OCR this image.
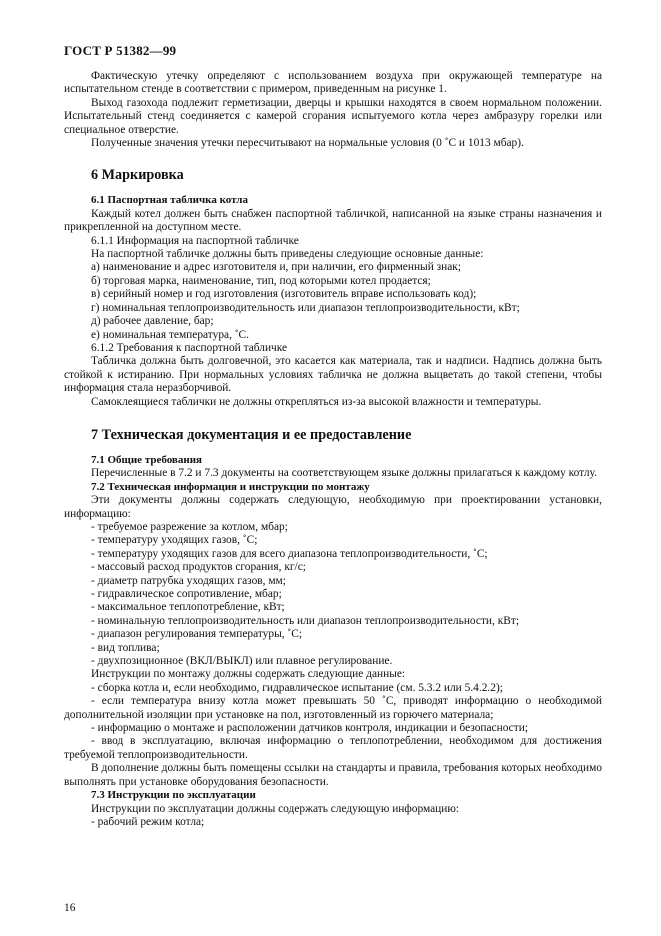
ГОСТ Р 51382—99

Фактическую утечку определяют с использованием воздуха при окружающей температуре на испытательном стенде в соответствии с примером, приведенным на рисунке 1.

Выход газохода подлежит герметизации, дверцы и крышки находятся в своем нормальном положении. Испытательный стенд соединяется с камерой сгорания испытуемого котла через амбразуру горелки или специальное отверстие.

Полученные значения утечки пересчитывают на нормальные условия (0 ˚С и 1013 мбар).

6 Маркировка

6.1 Паспортная табличка котла

Каждый котел должен быть снабжен паспортной табличкой, написанной на языке страны назначения и прикрепленной на доступном месте.

6.1.1 Информация на паспортной табличке

На паспортной табличке должны быть приведены следующие основные данные:

а) наименование и адрес изготовителя и, при наличии, его фирменный знак;

б) торговая марка, наименование, тип, под которыми котел продается;

в) серийный номер и год изготовления (изготовитель вправе использовать код);

г) номинальная теплопроизводительность или диапазон теплопроизводительности, кВт;

д) рабочее давление, бар;

е) номинальная температура, ˚С.

6.1.2 Требования к паспортной табличке

Табличка должна быть долговечной, это касается как материала, так и надписи. Надпись должна быть стойкой к истиранию. При нормальных условиях табличка не должна выцветать до такой степени, чтобы информация стала неразборчивой.

Самоклеящиеся таблички не должны открепляться из-за высокой влажности и температуры.

7 Техническая документация и ее предоставление

7.1 Общие требования

Перечисленные в 7.2 и 7.3 документы на соответствующем языке должны прилагаться к каждому котлу.

7.2 Техническая информация и инструкции по монтажу

Эти документы должны содержать следующую, необходимую при проектировании установки, информацию:

- требуемое разрежение за котлом, мбар;

- температуру уходящих газов, ˚С;

- температуру уходящих газов для всего диапазона теплопроизводительности, ˚С;

- массовый расход продуктов сгорания, кг/с;

- диаметр патрубка уходящих газов, мм;

- гидравлическое сопротивление, мбар;

- максимальное теплопотребление, кВт;

- номинальную теплопроизводительность или диапазон теплопроизводительности, кВт;

- диапазон регулирования температуры, ˚С;

- вид топлива;

- двухпозиционное (ВКЛ/ВЫКЛ) или плавное регулирование.

Инструкции по монтажу должны содержать следующие данные:

- сборка котла и, если необходимо, гидравлическое испытание (см. 5.3.2 или 5.4.2.2);

- если температура внизу котла может превышать 50 ˚С, приводят информацию о необходимой дополнительной изоляции при установке на пол, изготовленный из горючего материала;

- информацию о монтаже и расположении датчиков контроля, индикации и безопасности;

- ввод в эксплуатацию, включая информацию о теплопотреблении, необходимом для достижения требуемой теплопроизводительности.

В дополнение должны быть помещены ссылки на стандарты и правила, требования которых необходимо выполнять при установке оборудования безопасности.

7.3 Инструкции по эксплуатации

Инструкции по эксплуатации должны содержать следующую информацию:

- рабочий режим котла;

16
